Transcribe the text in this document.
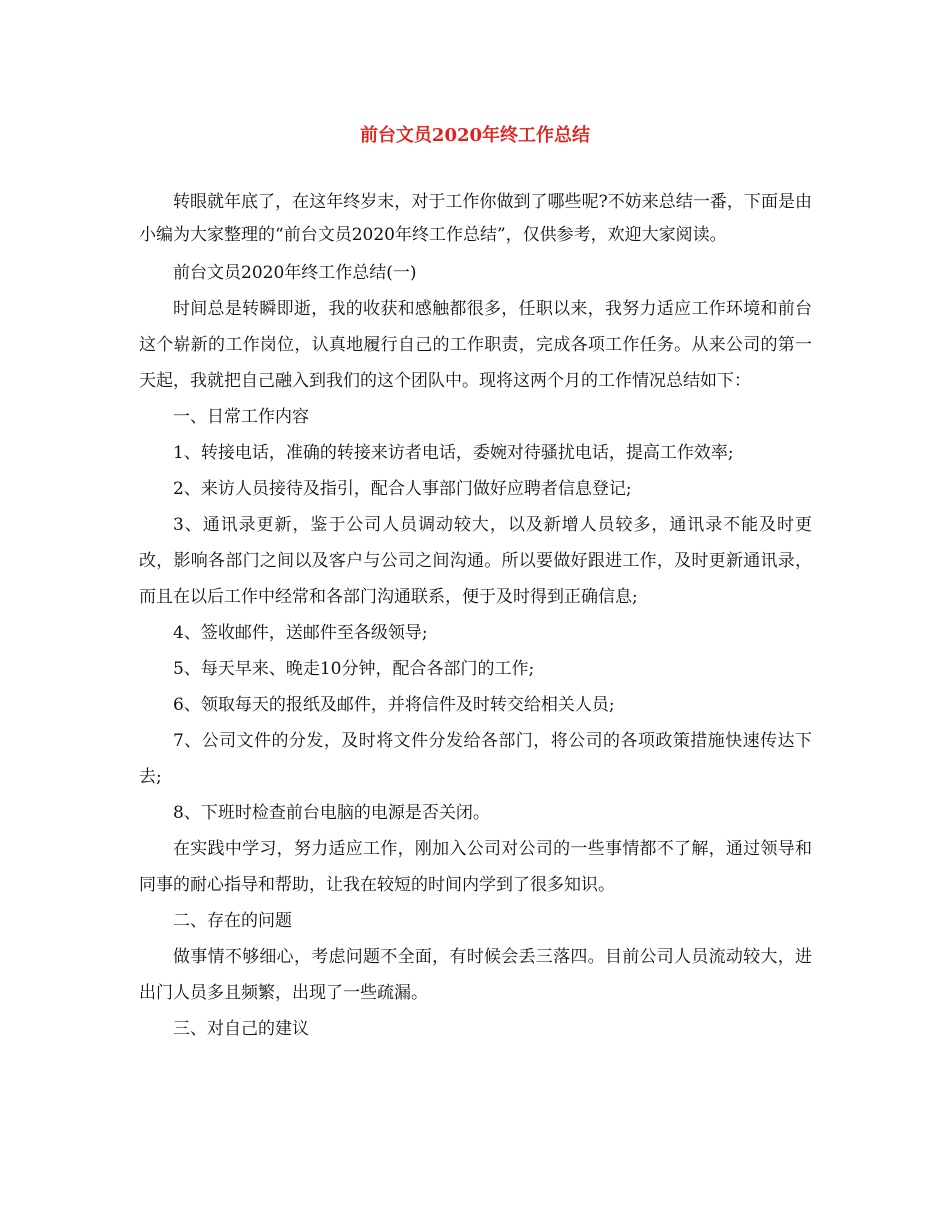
前台文员2020年终工作总结

转眼就年底了，在这年终岁末，对于工作你做到了哪些呢?不妨来总结一番，下面是由小编为大家整理的“前台文员2020年终工作总结”，仅供参考，欢迎大家阅读。

前台文员2020年终工作总结(一)

时间总是转瞬即逝，我的收获和感触都很多，任职以来，我努力适应工作环境和前台这个崭新的工作岗位，认真地履行自己的工作职责，完成各项工作任务。从来公司的第一天起，我就把自己融入到我们的这个团队中。现将这两个月的工作情况总结如下：

一、日常工作内容

1、转接电话，准确的转接来访者电话，委婉对待骚扰电话，提高工作效率;

2、来访人员接待及指引，配合人事部门做好应聘者信息登记;

3、通讯录更新，鉴于公司人员调动较大，以及新增人员较多，通讯录不能及时更改，影响各部门之间以及客户与公司之间沟通。所以要做好跟进工作，及时更新通讯录，而且在以后工作中经常和各部门沟通联系，便于及时得到正确信息;

4、签收邮件，送邮件至各级领导;

5、每天早来、晚走10分钟，配合各部门的工作;

6、领取每天的报纸及邮件，并将信件及时转交给相关人员;

7、公司文件的分发，及时将文件分发给各部门，将公司的各项政策措施快速传达下去;

8、下班时检查前台电脑的电源是否关闭。

在实践中学习，努力适应工作，刚加入公司对公司的一些事情都不了解，通过领导和同事的耐心指导和帮助，让我在较短的时间内学到了很多知识。

二、存在的问题

做事情不够细心，考虑问题不全面，有时候会丢三落四。目前公司人员流动较大，进出门人员多且频繁，出现了一些疏漏。

三、对自己的建议
